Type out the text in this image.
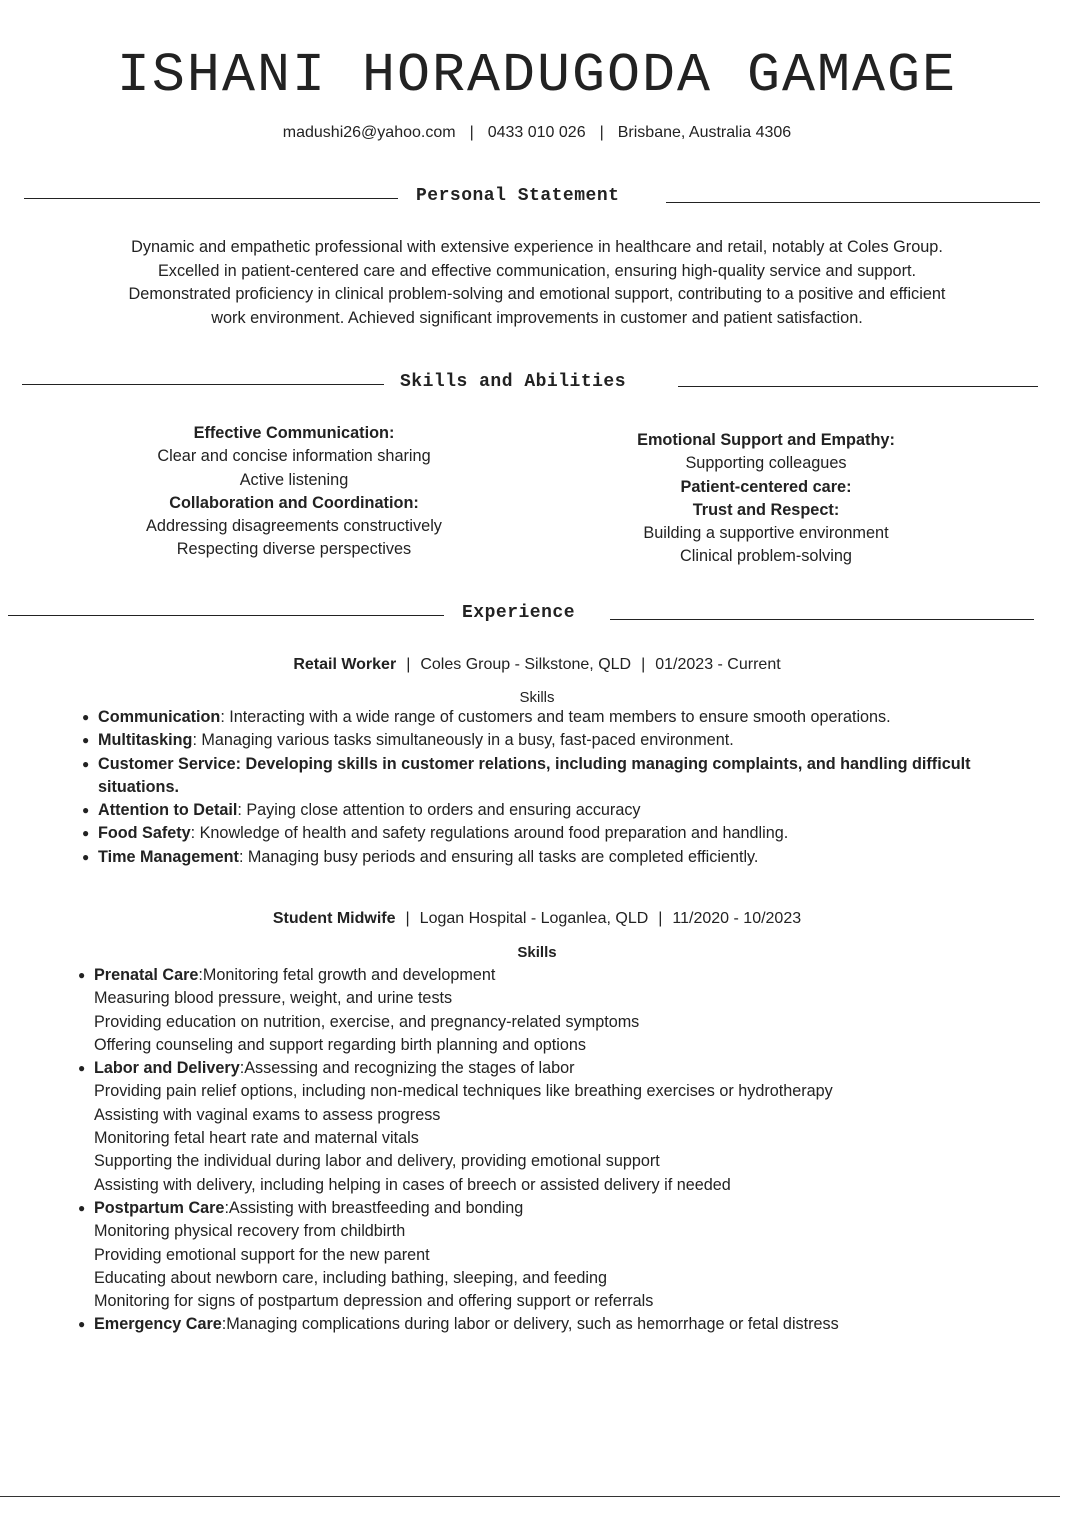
ISHANI HORADUGODA GAMAGE
madushi26@yahoo.com | 0433 010 026 | Brisbane, Australia 4306
Personal Statement
Dynamic and empathetic professional with extensive experience in healthcare and retail, notably at Coles Group.
Excelled in patient-centered care and effective communication, ensuring high-quality service and support.
Demonstrated proficiency in clinical problem-solving and emotional support, contributing to a positive and efficient
work environment. Achieved significant improvements in customer and patient satisfaction.
Skills and Abilities
Effective Communication:
Clear and concise information sharing
Active listening
Collaboration and Coordination:
Addressing disagreements constructively
Respecting diverse perspectives
Emotional Support and Empathy:
Supporting colleagues
Patient-centered care:
Trust and Respect:
Building a supportive environment
Clinical problem-solving
Experience
Retail Worker | Coles Group - Silkstone, QLD | 01/2023 - Current
Skills
● Communication: Interacting with a wide range of customers and team members to ensure smooth operations.
● Multitasking: Managing various tasks simultaneously in a busy, fast-paced environment.
● Customer Service: Developing skills in customer relations, including managing complaints, and handling difficult situations.
● Attention to Detail: Paying close attention to orders and ensuring accuracy
● Food Safety: Knowledge of health and safety regulations around food preparation and handling.
● Time Management: Managing busy periods and ensuring all tasks are completed efficiently.
Student Midwife | Logan Hospital - Loganlea, QLD | 11/2020 - 10/2023
Skills
● Prenatal Care:Monitoring fetal growth and development
Measuring blood pressure, weight, and urine tests
Providing education on nutrition, exercise, and pregnancy-related symptoms
Offering counseling and support regarding birth planning and options
● Labor and Delivery:Assessing and recognizing the stages of labor
Providing pain relief options, including non-medical techniques like breathing exercises or hydrotherapy
Assisting with vaginal exams to assess progress
Monitoring fetal heart rate and maternal vitals
Supporting the individual during labor and delivery, providing emotional support
Assisting with delivery, including helping in cases of breech or assisted delivery if needed
● Postpartum Care:Assisting with breastfeeding and bonding
Monitoring physical recovery from childbirth
Providing emotional support for the new parent
Educating about newborn care, including bathing, sleeping, and feeding
Monitoring for signs of postpartum depression and offering support or referrals
● Emergency Care:Managing complications during labor or delivery, such as hemorrhage or fetal distress
